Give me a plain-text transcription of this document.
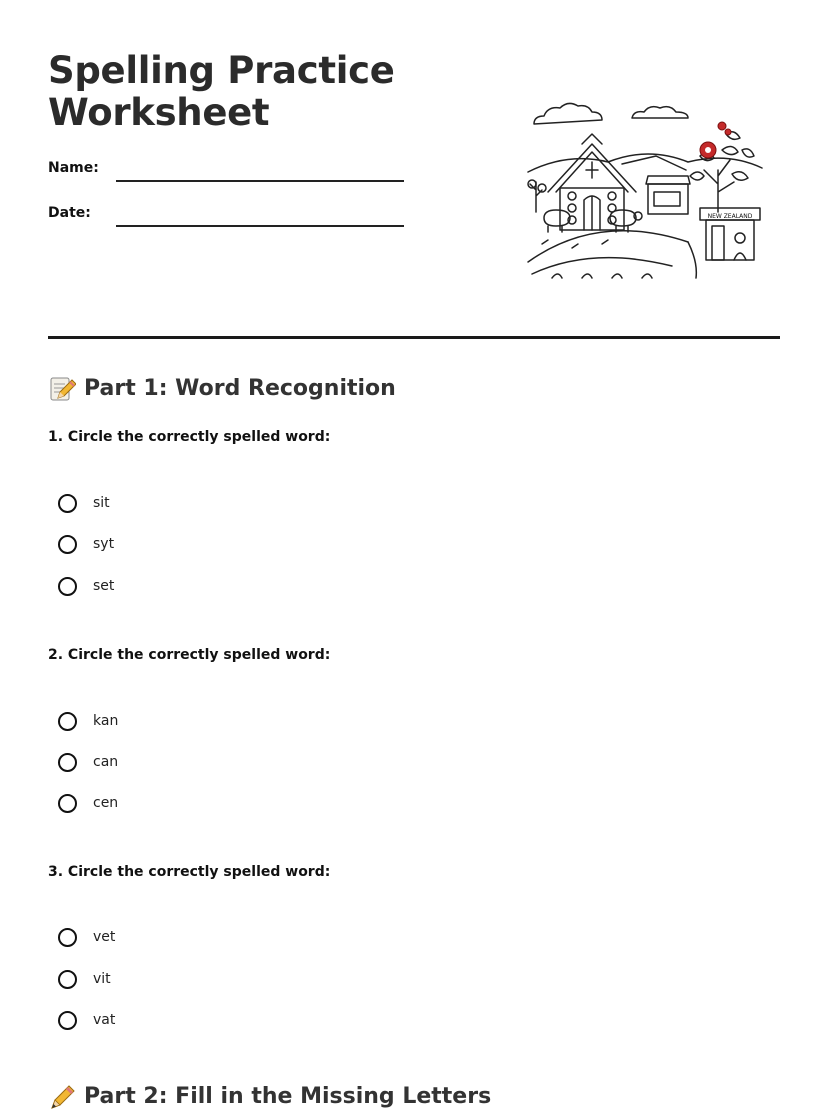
Spelling Practice
Worksheet
Name:
Date:	NEW ZEALAND
Part 1: Word Recognition
1. Circle the correctly spelled word:
sit
syt
set
2. Circle the correctly spelled word:
kan
can
cen
3. Circle the correctly spelled word:
vet
vit
vat
Part 2: Fill in the Missing Letters
